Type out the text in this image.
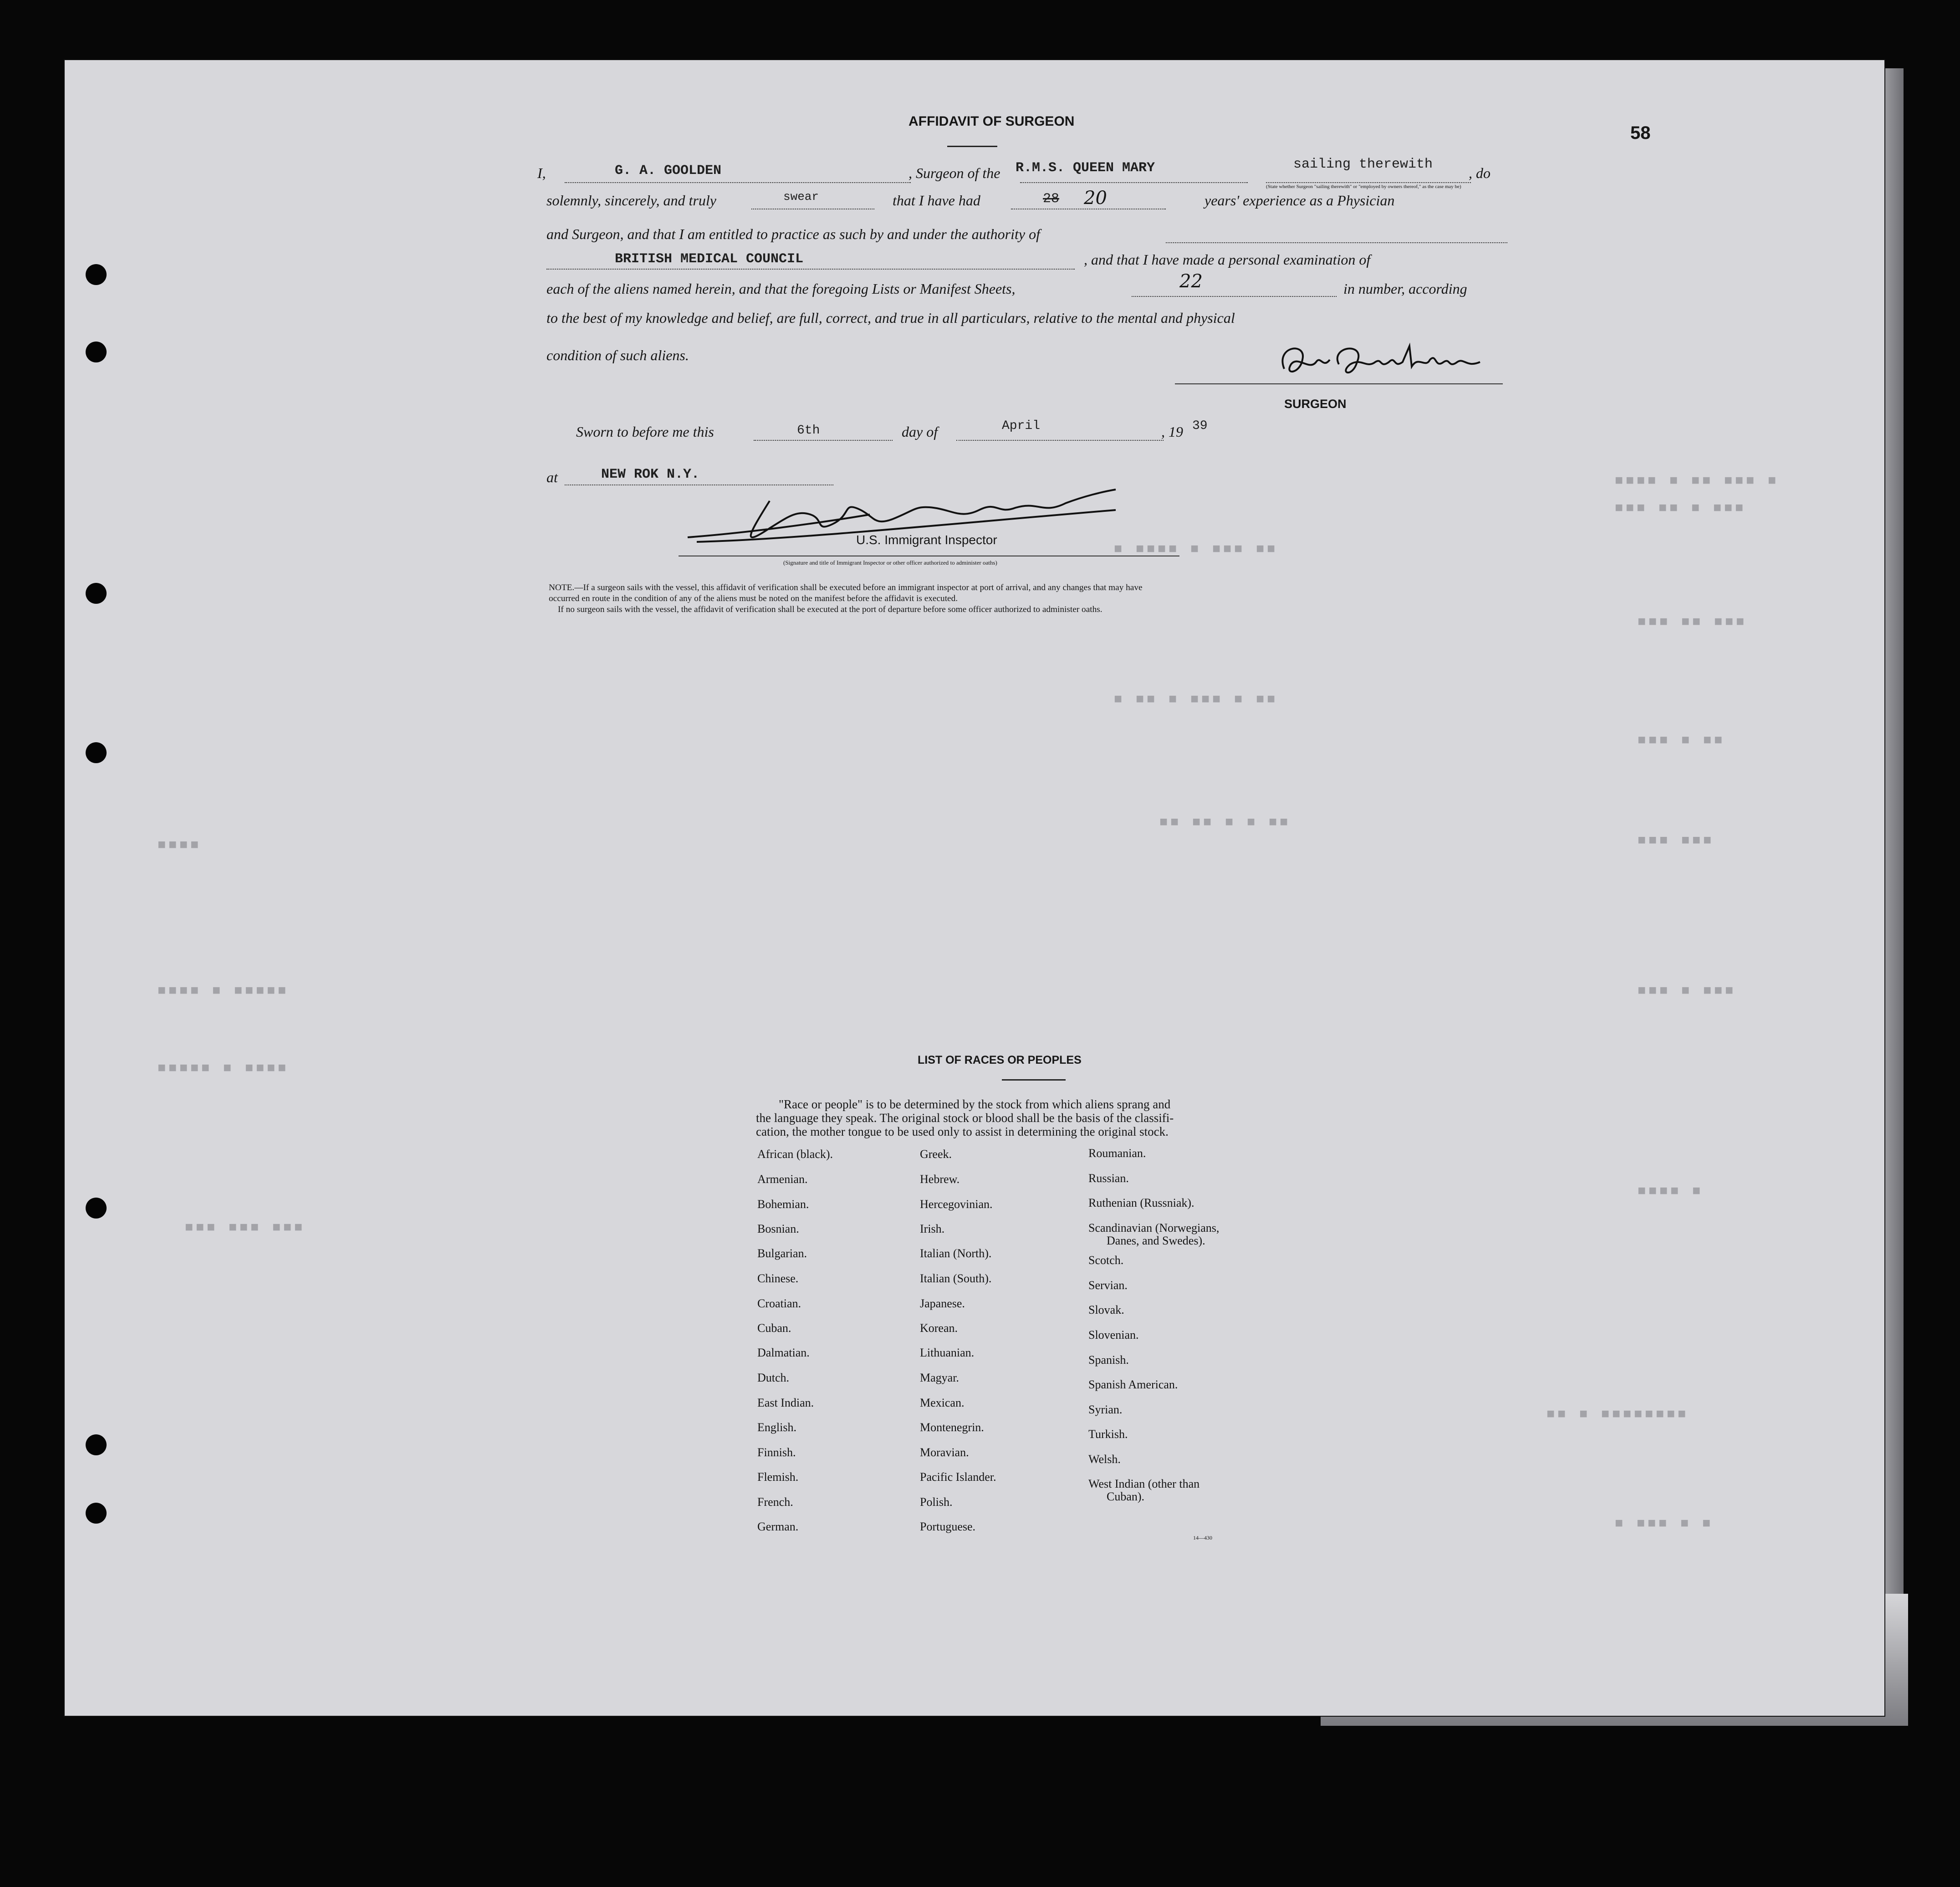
■ ■■■ ■■ ■ ■■■■
■■■ ■ ■■ ■■■
■■ ■■■ ■ ■■■■ ■
■■■ ■■ ■■■
■■ ■ ■■■ ■ ■■ ■
■■ ■ ■■■
■■ ■ ■ ■■ ■■
■■■ ■■■
■■■■
■■■■■ ■ ■■■■
■■■■ ■ ■■■■■
■■■ ■ ■■■
■ ■■■■
■■■ ■■■ ■■■
■■■■■■■■ ■ ■■
■ ■ ■■■ ■
58
AFFIDAVIT OF SURGEON
I,	G. A. GOOLDEN	, Surgeon of the R.M.S. QUEEN MARY	sailing therewith
, do
(State whether Surgeon "sailing therewith" or "employed by owners thereof," as the case may be)
solemnly, sincerely, and truly	swear	that I have had	28 20	years' experience as a Physician
and Surgeon, and that I am entitled to practice as such by and under the authority of
BRITISH MEDICAL COUNCIL	, and that I have made a personal examination of
each of the aliens named herein, and that the foregoing Lists or Manifest Sheets,	22	in number, according
to the best of my knowledge and belief, are full, correct, and true in all particulars, relative to the mental and physical
condition of such aliens.
SURGEON
Sworn to before me this	6th	day of	April	, 19 39
at	NEW ROK N.Y.
U.S. Immigrant Inspector
(Signature and title of Immigrant Inspector or other officer authorized to administer oaths)
NOTE.—If a surgeon sails with the vessel, this affidavit of verification shall be executed before an immigrant inspector at port of arrival, and any changes that may have
occurred en route in the condition of any of the aliens must be noted on the manifest before the affidavit is executed.
If no surgeon sails with the vessel, the affidavit of verification shall be executed at the port of departure before some officer authorized to administer oaths.
LIST OF RACES OR PEOPLES
"Race or people" is to be determined by the stock from which aliens sprang and
the language they speak. The original stock or blood shall be the basis of the classifi-
cation, the mother tongue to be used only to assist in determining the original stock.
African (black).
Armenian.
Bohemian.
Bosnian.
Bulgarian.
Chinese.
Croatian.
Cuban.
Dalmatian.
Dutch.
East Indian.
English.
Finnish.
Flemish.
French.
German.
Greek.
Hebrew.
Hercegovinian.
Irish.
Italian (North).
Italian (South).
Japanese.
Korean.
Lithuanian.
Magyar.
Mexican.
Montenegrin.
Moravian.
Pacific Islander.
Polish.
Portuguese.
Roumanian.
Russian.
Ruthenian (Russniak).
Scandinavian (Norwegians,
Danes, and Swedes).
Scotch.
Servian.
Slovak.
Slovenian.
Spanish.
Spanish American.
Syrian.
Turkish.
Welsh.
West Indian (other than
Cuban).
14—430
